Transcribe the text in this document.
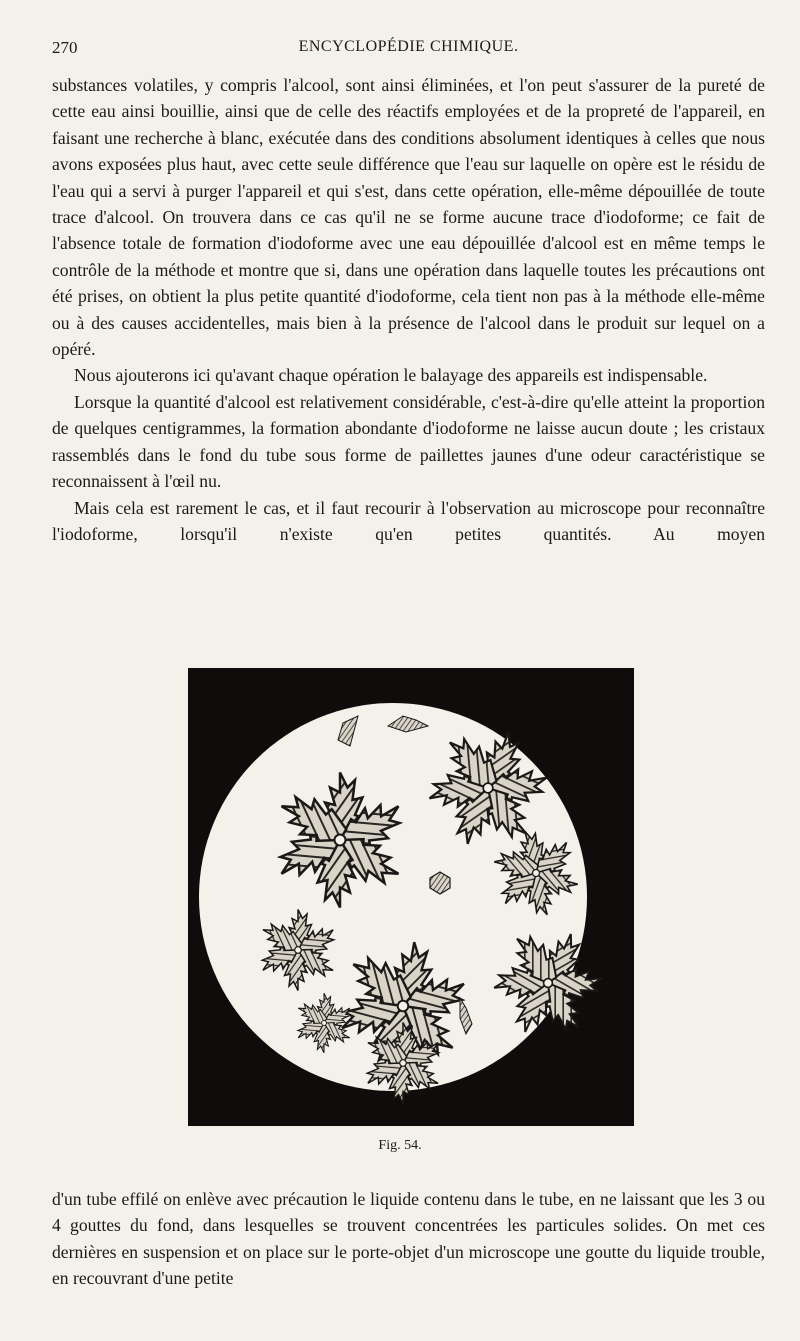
270	ENCYCLOPÉDIE CHIMIQUE.

substances volatiles, y compris l'alcool, sont ainsi éliminées, et l'on peut s'assurer de la pureté de cette eau ainsi bouillie, ainsi que de celle des réactifs employées et de la propreté de l'appareil, en faisant une recherche à blanc, exécutée dans des conditions absolument identiques à celles que nous avons exposées plus haut, avec cette seule différence que l'eau sur laquelle on opère est le résidu de l'eau qui a servi à purger l'appareil et qui s'est, dans cette opération, elle-même dépouillée de toute trace d'alcool. On trouvera dans ce cas qu'il ne se forme aucune trace d'iodoforme; ce fait de l'absence totale de formation d'iodoforme avec une eau dépouillée d'alcool est en même temps le contrôle de la méthode et montre que si, dans une opération dans laquelle toutes les précautions ont été prises, on obtient la plus petite quantité d'iodoforme, cela tient non pas à la méthode elle-même ou à des causes accidentelles, mais bien à la présence de l'alcool dans le produit sur lequel on a opéré.

Nous ajouterons ici qu'avant chaque opération le balayage des appareils est indispensable.

Lorsque la quantité d'alcool est relativement considérable, c'est-à-dire qu'elle atteint la proportion de quelques centigrammes, la formation abondante d'iodoforme ne laisse aucun doute ; les cristaux rassemblés dans le fond du tube sous forme de paillettes jaunes d'une odeur caractéristique se reconnaissent à l'œil nu.

Mais cela est rarement le cas, et il faut recourir à l'observation au microscope pour reconnaître l'iodoforme, lorsqu'il n'existe qu'en petites quantités. Au moyen

Fig. 54.

d'un tube effilé on enlève avec précaution le liquide contenu dans le tube, en ne laissant que les 3 ou 4 gouttes du fond, dans lesquelles se trouvent concentrées les particules solides. On met ces dernières en suspension et on place sur le porte-objet d'un microscope une goutte du liquide trouble, en recouvrant d'une petite
